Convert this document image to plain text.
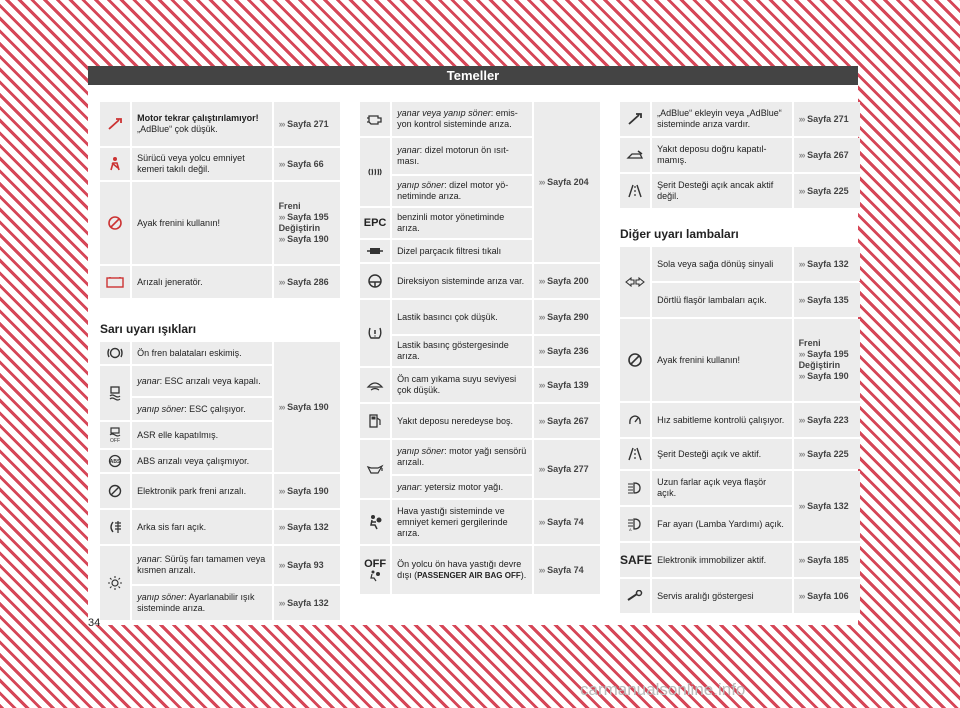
Temeller
	Motor tekrar çalıştırılamıyor!
„AdBlue“ çok düşük.	››› Sayfa 271

	Sürücü veya yolcu emniyet kemeri takılı değil.	››› Sayfa 66

	Ayak frenini kullanın!	Freni
››› Sayfa 195
Değiştirin
››› Sayfa 190

	Arızalı jeneratör.	››› Sayfa 286
Sarı uyarı ışıkları
	Ön fren balataları eskimiş.	››› Sayfa 190

	yanar: ESC arızalı veya kapalı.	
	yanıp söner: ESC çalışıyor.	

OFF	ASR elle kapatılmış.	

ABS	ABS arızalı veya çalışmıyor.	

	Elektronik park freni arızalı.	››› Sayfa 190

	Arka sis farı açık.	››› Sayfa 132

	yanar: Sürüş farı tamamen veya kısmen arızalı.	››› Sayfa 93
	yanıp söner: Ayarlanabilir ışık sisteminde arıza.	››› Sayfa 132
	yanar veya yanıp söner: emisyon kontrol sisteminde arıza.	››› Sayfa 204

	yanar: dizel motorun ön ısıtması.	
	yanıp söner: dizel motor yönetiminde arıza.	
EPC	benzinli motor yönetiminde arıza.	

	Dizel parçacık filtresi tıkalı	

	Direksiyon sisteminde arıza var.	››› Sayfa 200

	Lastik basıncı çok düşük.	››› Sayfa 290
	Lastik basınç göstergesinde arıza.	››› Sayfa 236

	Ön cam yıkama suyu seviyesi çok düşük.	››› Sayfa 139

	Yakıt deposu neredeyse boş.	››› Sayfa 267

	yanıp söner: motor yağı sensörü arızalı.	››› Sayfa 277
	yanar: yetersiz motor yağı.	

	Hava yastığı sisteminde ve emniyet kemeri gergilerinde arıza.	››› Sayfa 74
OFF	Ön yolcu ön hava yastığı devre dışı (PASSENGER AIR BAG OFF).	››› Sayfa 74
	„AdBlue“ ekleyin veya „AdBlue“ sisteminde arıza vardır.	››› Sayfa 271

	Yakıt deposu doğru kapatılmamış.	››› Sayfa 267

	Şerit Desteği açık ancak aktif değil.	››› Sayfa 225
Diğer uyarı lambaları
	Sola veya sağa dönüş sinyali	››› Sayfa 132
	Dörtlü flaşör lambaları açık.	››› Sayfa 135

	Ayak frenini kullanın!	Freni
››› Sayfa 195
Değiştirin
››› Sayfa 190

	Hız sabitleme kontrolü çalışıyor.	››› Sayfa 223

	Şerit Desteği açık ve aktif.	››› Sayfa 225

	Uzun farlar açık veya flaşör açık.	››› Sayfa 132

A	Far ayarı (Lamba Yardımı) açık.	
SAFE	Elektronik immobilizer aktif.	››› Sayfa 185

	Servis aralığı göstergesi	››› Sayfa 106
34
carmanualsonline.info
